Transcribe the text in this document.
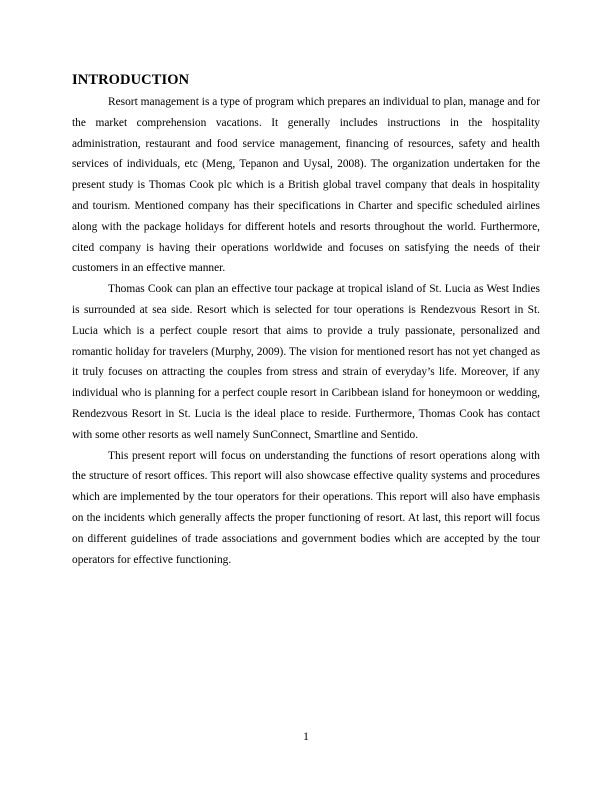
INTRODUCTION

Resort management is a type of program which prepares an individual to plan, manage and for the market comprehension vacations. It generally includes instructions in the hospitality administration, restaurant and food service management, financing of resources, safety and health services of individuals, etc (Meng, Tepanon and Uysal, 2008). The organization undertaken for the present study is Thomas Cook plc which is a British global travel company that deals in hospitality and tourism. Mentioned company has their specifications in Charter and specific scheduled airlines along with the package holidays for different hotels and resorts throughout the world. Furthermore, cited company is having their operations worldwide and focuses on satisfying the needs of their customers in an effective manner.

Thomas Cook can plan an effective tour package at tropical island of St. Lucia as West Indies is surrounded at sea side. Resort which is selected for tour operations is Rendezvous Resort in St. Lucia which is a perfect couple resort that aims to provide a truly passionate, personalized and romantic holiday for travelers (Murphy, 2009). The vision for mentioned resort has not yet changed as it truly focuses on attracting the couples from stress and strain of everyday’s life. Moreover, if any individual who is planning for a perfect couple resort in Caribbean island for honeymoon or wedding, Rendezvous Resort in St. Lucia is the ideal place to reside. Furthermore, Thomas Cook has contact with some other resorts as well namely SunConnect, Smartline and Sentido.

This present report will focus on understanding the functions of resort operations along with the structure of resort offices. This report will also showcase effective quality systems and procedures which are implemented by the tour operators for their operations. This report will also have emphasis on the incidents which generally affects the proper functioning of resort. At last, this report will focus on different guidelines of trade associations and government bodies which are accepted by the tour operators for effective functioning.

1
